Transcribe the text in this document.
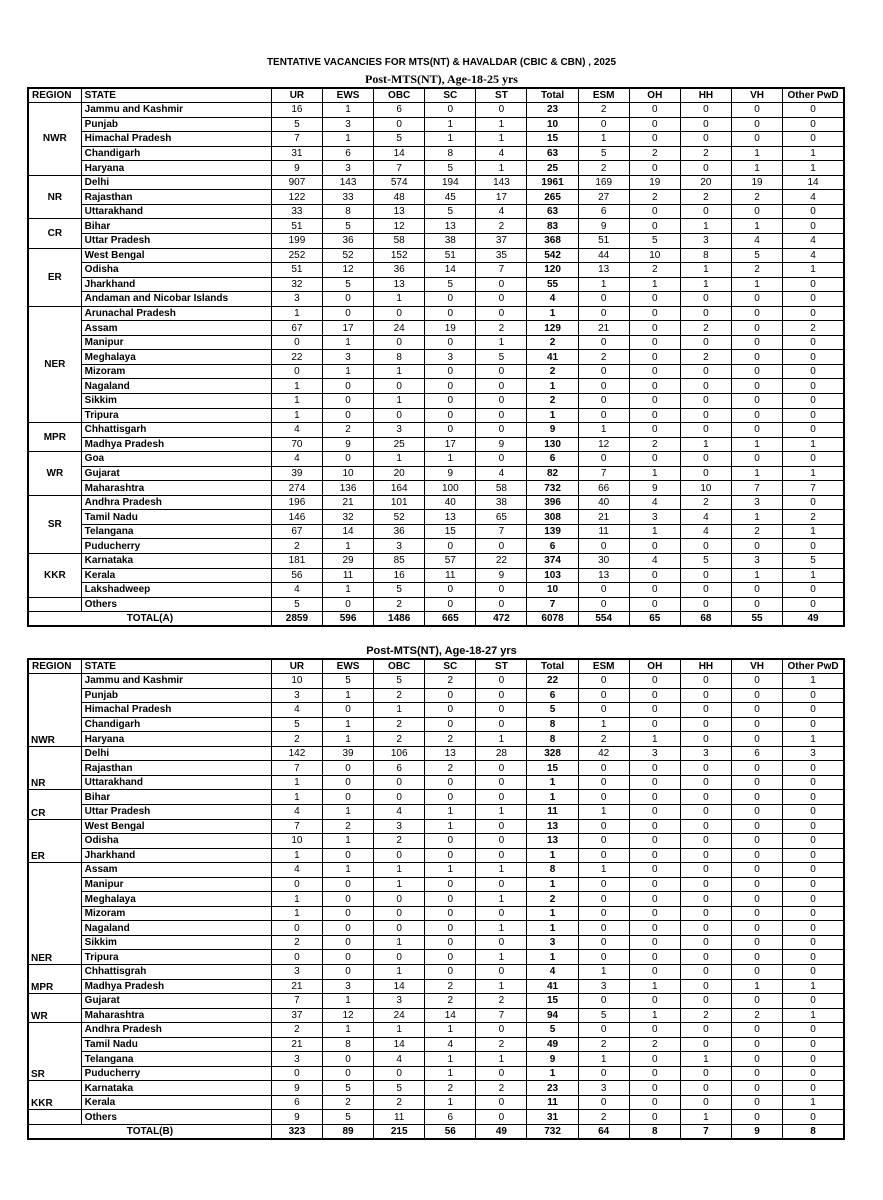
TENTATIVE VACANCIES FOR MTS(NT) & HAVALDAR (CBIC & CBN) , 2025
Post-MTS(NT), Age-18-25 yrs
REGION	STATE	UR	EWS	OBC	SC	ST	Total	ESM	OH	HH	VH	Other PwD
NWR	Jammu and Kashmir	16	1	6	0	0	23	2	0	0	0	0
	Punjab	5	3	0	1	1	10	0	0	0	0	0
	Himachal Pradesh	7	1	5	1	1	15	1	0	0	0	0
	Chandigarh	31	6	14	8	4	63	5	2	2	1	1
	Haryana	9	3	7	5	1	25	2	0	0	1	1
NR	Delhi	907	143	574	194	143	1961	169	19	20	19	14
	Rajasthan	122	33	48	45	17	265	27	2	2	2	4
	Uttarakhand	33	8	13	5	4	63	6	0	0	0	0
CR	Bihar	51	5	12	13	2	83	9	0	1	1	0
	Uttar Pradesh	199	36	58	38	37	368	51	5	3	4	4
ER	West Bengal	252	52	152	51	35	542	44	10	8	5	4
	Odisha	51	12	36	14	7	120	13	2	1	2	1
	Jharkhand	32	5	13	5	0	55	1	1	1	1	0
	Andaman and Nicobar Islands	3	0	1	0	0	4	0	0	0	0	0
NER	Arunachal Pradesh	1	0	0	0	0	1	0	0	0	0	0
	Assam	67	17	24	19	2	129	21	0	2	0	2
	Manipur	0	1	0	0	1	2	0	0	0	0	0
	Meghalaya	22	3	8	3	5	41	2	0	2	0	0
	Mizoram	0	1	1	0	0	2	0	0	0	0	0
	Nagaland	1	0	0	0	0	1	0	0	0	0	0
	Sikkim	1	0	1	0	0	2	0	0	0	0	0
	Tripura	1	0	0	0	0	1	0	0	0	0	0
MPR	Chhattisgarh	4	2	3	0	0	9	1	0	0	0	0
	Madhya Pradesh	70	9	25	17	9	130	12	2	1	1	1
WR	Goa	4	0	1	1	0	6	0	0	0	0	0
	Gujarat	39	10	20	9	4	82	7	1	0	1	1
	Maharashtra	274	136	164	100	58	732	66	9	10	7	7
SR	Andhra Pradesh	196	21	101	40	38	396	40	4	2	3	0
	Tamil Nadu	146	32	52	13	65	308	21	3	4	1	2
	Telangana	67	14	36	15	7	139	11	1	4	2	1
	Puducherry	2	1	3	0	0	6	0	0	0	0	0
KKR	Karnataka	181	29	85	57	22	374	30	4	5	3	5
	Kerala	56	11	16	11	9	103	13	0	0	1	1
	Lakshadweep	4	1	5	0	0	10	0	0	0	0	0
	Others	5	0	2	0	0	7	0	0	0	0	0
TOTAL(A)		2859	596	1486	665	472	6078	554	65	68	55	49
Post-MTS(NT), Age-18-27 yrs
REGION	STATE	UR	EWS	OBC	SC	ST	Total	ESM	OH	HH	VH	Other PwD
NWR	Jammu and Kashmir	10	5	5	2	0	22	0	0	0	0	1
	Punjab	3	1	2	0	0	6	0	0	0	0	0
	Himachal Pradesh	4	0	1	0	0	5	0	0	0	0	0
	Chandigarh	5	1	2	0	0	8	1	0	0	0	0
	Haryana	2	1	2	2	1	8	2	1	0	0	1
NR	Delhi	142	39	106	13	28	328	42	3	3	6	3
	Rajasthan	7	0	6	2	0	15	0	0	0	0	0
	Uttarakhand	1	0	0	0	0	1	0	0	0	0	0
CR	Bihar	1	0	0	0	0	1	0	0	0	0	0
	Uttar Pradesh	4	1	4	1	1	11	1	0	0	0	0
ER	West Bengal	7	2	3	1	0	13	0	0	0	0	0
	Odisha	10	1	2	0	0	13	0	0	0	0	0
	Jharkhand	1	0	0	0	0	1	0	0	0	0	0
NER	Assam	4	1	1	1	1	8	1	0	0	0	0
	Manipur	0	0	1	0	0	1	0	0	0	0	0
	Meghalaya	1	0	0	0	1	2	0	0	0	0	0
	Mizoram	1	0	0	0	0	1	0	0	0	0	0
	Nagaland	0	0	0	0	1	1	0	0	0	0	0
	Sikkim	2	0	1	0	0	3	0	0	0	0	0
	Tripura	0	0	0	0	1	1	0	0	0	0	0
MPR	Chhattisgrah	3	0	1	0	0	4	1	0	0	0	0
	Madhya Pradesh	21	3	14	2	1	41	3	1	0	1	1
WR	Gujarat	7	1	3	2	2	15	0	0	0	0	0
	Maharashtra	37	12	24	14	7	94	5	1	2	2	1
SR	Andhra Pradesh	2	1	1	1	0	5	0	0	0	0	0
	Tamil Nadu	21	8	14	4	2	49	2	2	0	0	0
	Telangana	3	0	4	1	1	9	1	0	1	0	0
	Puducherry	0	0	0	1	0	1	0	0	0	0	0
KKR	Karnataka	9	5	5	2	2	23	3	0	0	0	0
	Kerala	6	2	2	1	0	11	0	0	0	0	1
	Others	9	5	11	6	0	31	2	0	1	0	0
TOTAL(B)		323	89	215	56	49	732	64	8	7	9	8
